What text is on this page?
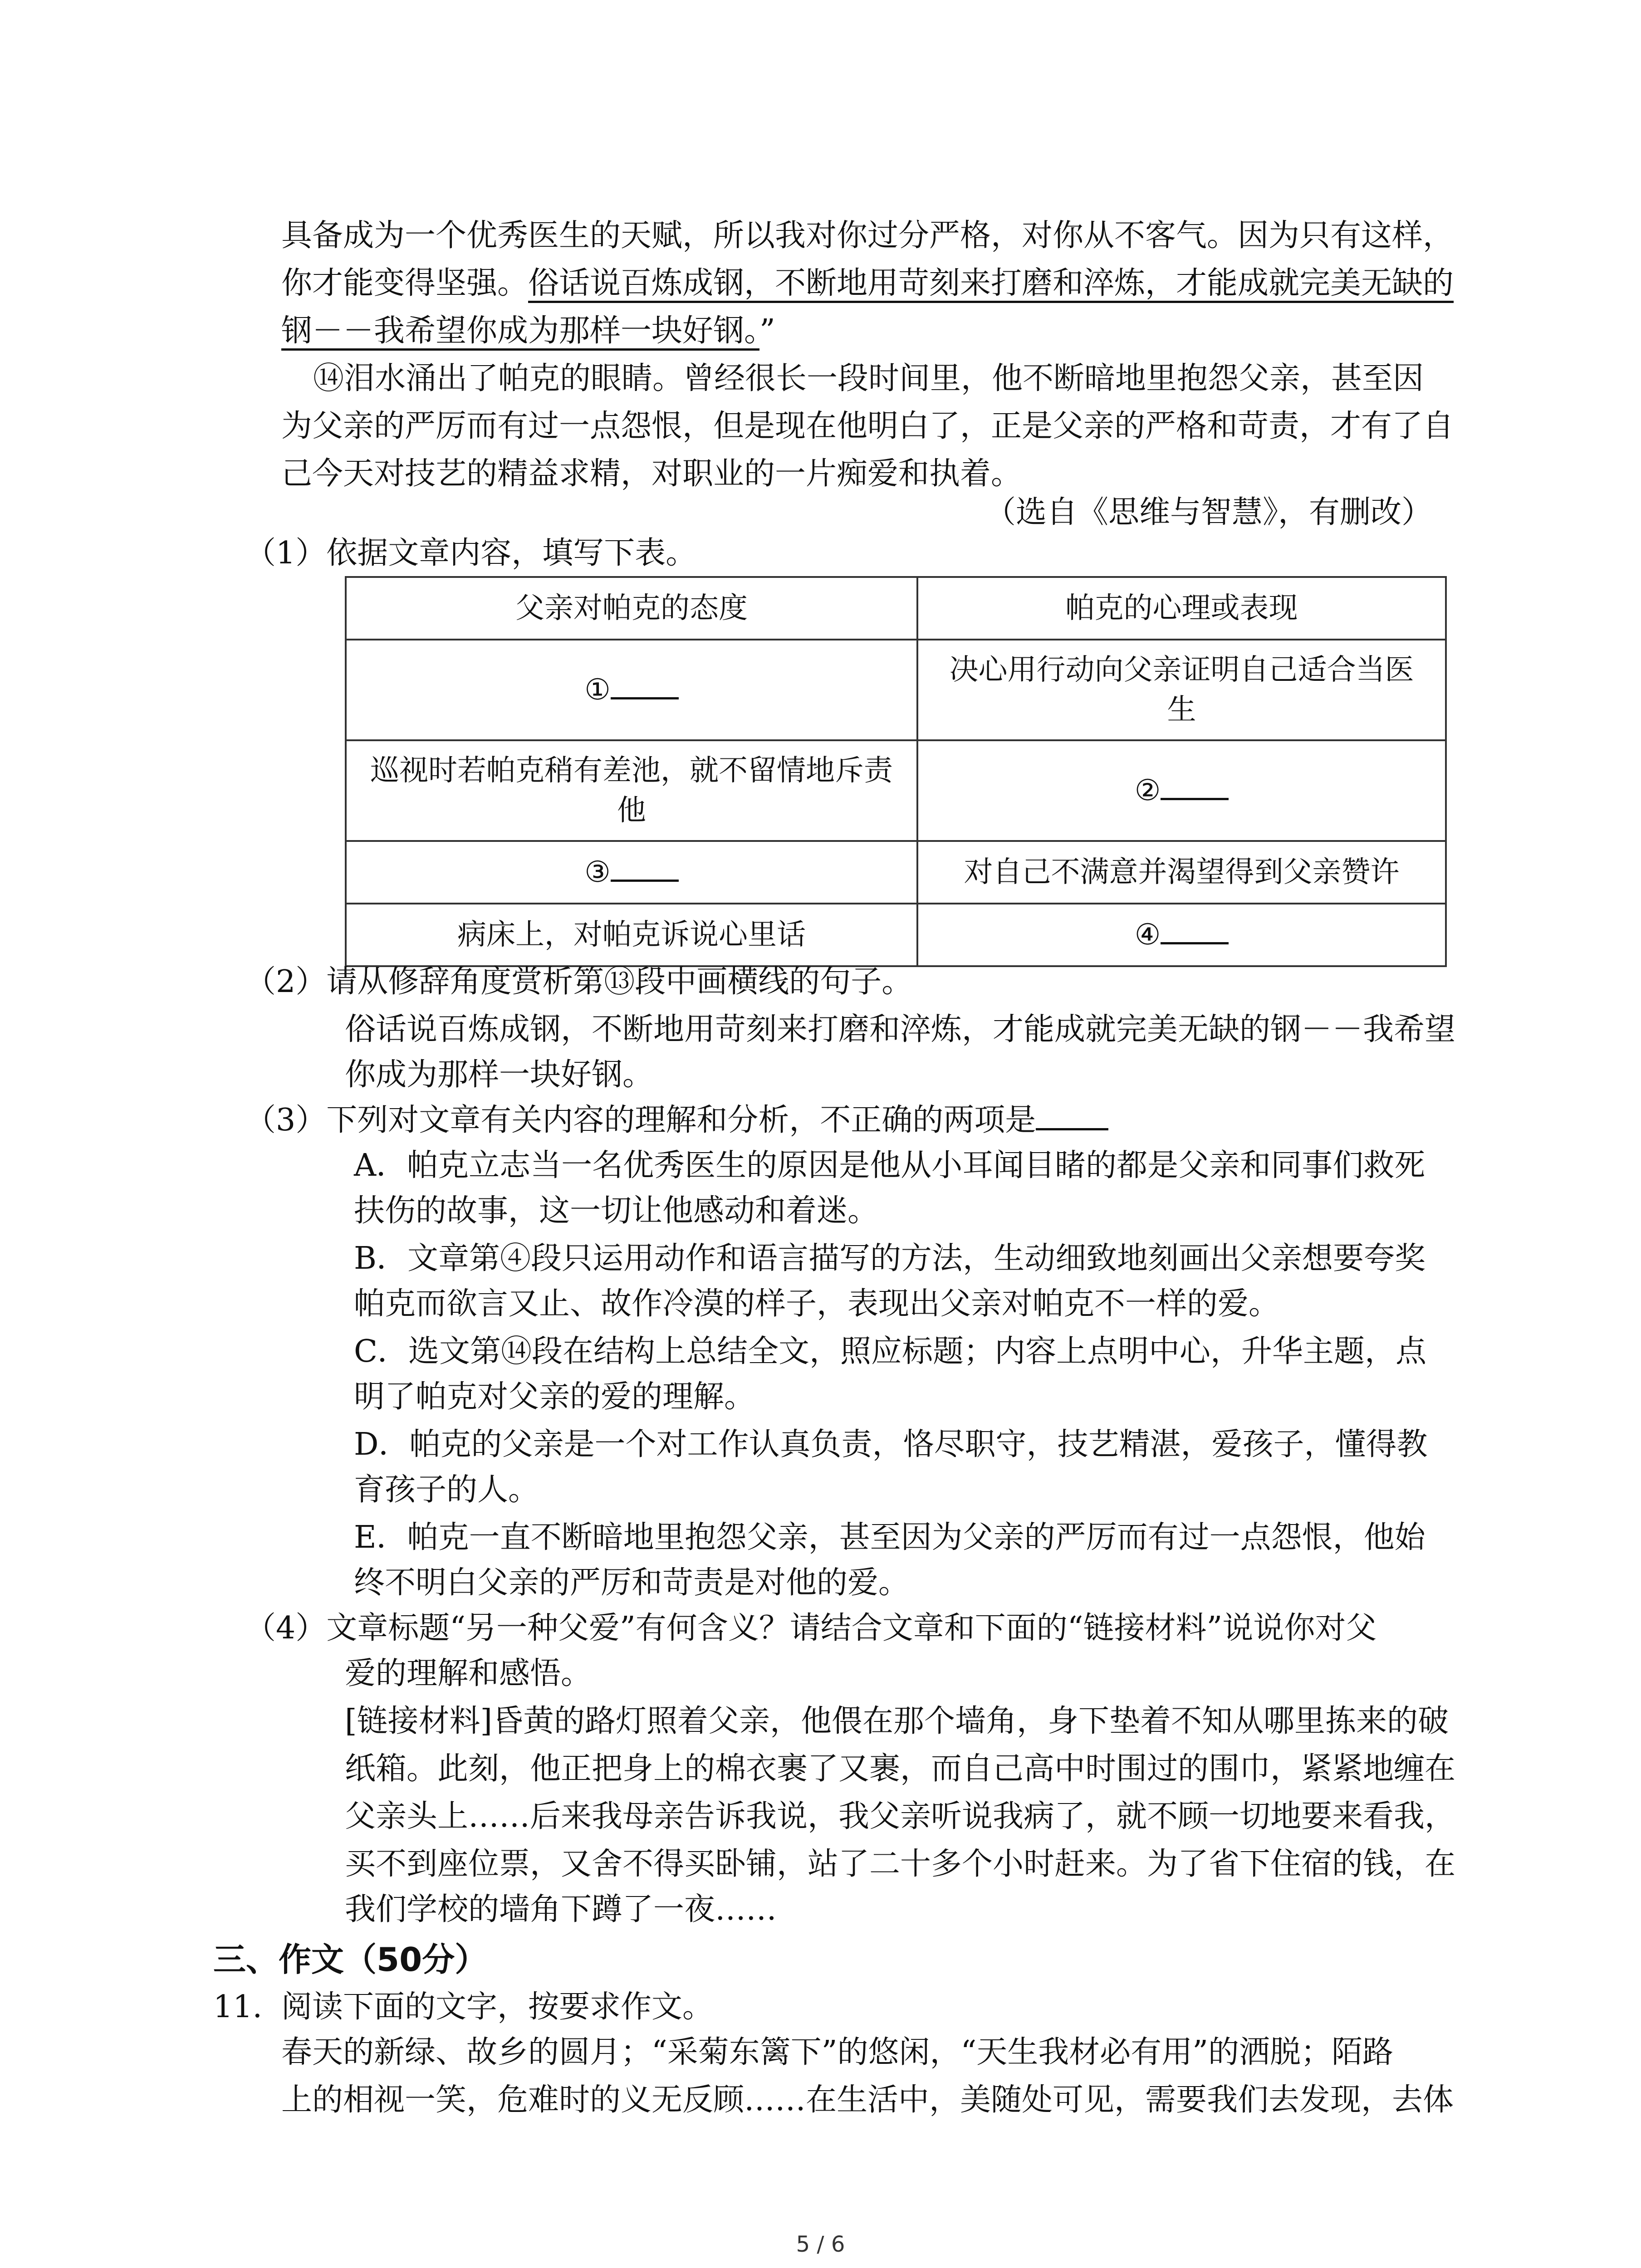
具备成为一个优秀医生的天赋，所以我对你过分严格，对你从不客气。因为只有这样，

你才能变得坚强。俗话说百炼成钢，不断地用苛刻来打磨和淬炼，才能成就完美无缺的

钢－－我希望你成为那样一块好钢。”

⑭泪水涌出了帕克的眼睛。曾经很长一段时间里，他不断暗地里抱怨父亲，甚至因

为父亲的严厉而有过一点怨恨，但是现在他明白了，正是父亲的严格和苛责，才有了自

己今天对技艺的精益求精，对职业的一片痴爱和执着。

（选自《思维与智慧》，有删改）

（1）依据文章内容，填写下表。

父亲对帕克的态度	帕克的心理或表现
①	决心用行动向父亲证明自己适合当医生
巡视时若帕克稍有差池，就不留情地斥责他	②
③	对自己不满意并渴望得到父亲赞许
病床上，对帕克诉说心里话	④

（2）请从修辞角度赏析第⑬段中画横线的句子。

俗话说百炼成钢，不断地用苛刻来打磨和淬炼，才能成就完美无缺的钢－－我希望

你成为那样一块好钢。

（3）下列对文章有关内容的理解和分析，不正确的两项是

A．帕克立志当一名优秀医生的原因是他从小耳闻目睹的都是父亲和同事们救死

扶伤的故事，这一切让他感动和着迷。

B．文章第④段只运用动作和语言描写的方法，生动细致地刻画出父亲想要夸奖

帕克而欲言又止、故作冷漠的样子，表现出父亲对帕克不一样的爱。

C．选文第⑭段在结构上总结全文，照应标题；内容上点明中心，升华主题，点

明了帕克对父亲的爱的理解。

D．帕克的父亲是一个对工作认真负责，恪尽职守，技艺精湛，爱孩子，懂得教

育孩子的人。

E．帕克一直不断暗地里抱怨父亲，甚至因为父亲的严厉而有过一点怨恨，他始

终不明白父亲的严厉和苛责是对他的爱。

（4）文章标题“另一种父爱”有何含义？请结合文章和下面的“链接材料”说说你对父

爱的理解和感悟。

[链接材料]昏黄的路灯照着父亲，他偎在那个墙角，身下垫着不知从哪里拣来的破

纸箱。此刻，他正把身上的棉衣裹了又裹，而自己高中时围过的围巾，紧紧地缠在

父亲头上……后来我母亲告诉我说，我父亲听说我病了，就不顾一切地要来看我，

买不到座位票，又舍不得买卧铺，站了二十多个小时赶来。为了省下住宿的钱，在

我们学校的墙角下蹲了一夜……

三、作文（50分）
11. 阅读下面的文字，按要求作文。

春天的新绿、故乡的圆月；“采菊东篱下”的悠闲，“天生我材必有用”的洒脱；陌路

上的相视一笑，危难时的义无反顾……在生活中，美随处可见，需要我们去发现，去体

5 / 6
